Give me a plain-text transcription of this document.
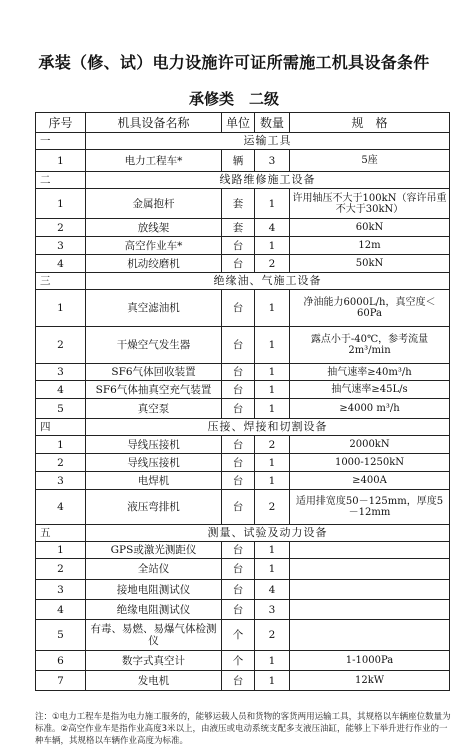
承装（修、试）电力设施许可证所需施工机具设备条件
承修类　二级
序号	机具设备名称	单位	数量	规　格
一	运输工具			
1	电力工程车*	辆	3	5座
二	线路维修施工设备			
1	金属抱杆	套	1	许用轴压不大于100kN（容许吊重不大于30kN）
2	放线架	套	4	60kN
3	高空作业车*	台	1	12m
4	机动绞磨机	台	2	50kN
三	绝缘油、气施工设备			
1	真空滤油机	台	1	净油能力6000L/h，真空度＜60Pa
2	干燥空气发生器	台	1	露点小于-40℃，参考流量2m³/min
3	SF6气体回收装置	台	1	抽气速率≥40m³/h
4	SF6气体抽真空充气装置	台	1	抽气速率≥45L/s
5	真空泵	台	1	≥4000 m³/h
四	压接、焊接和切割设备			
1	导线压接机	台	2	2000kN
2	导线压接机	台	1	1000-1250kN
3	电焊机	台	1	≥400A
4	液压弯排机	台	2	适用排宽度50－125mm，厚度5－12mm
五	测量、试验及动力设备			
1	GPS或激光测距仪	台	1	
2	全站仪	台	1	
3	接地电阻测试仪	台	4	
4	绝缘电阻测试仪	台	3	
5	有毒、易燃、易爆气体检测仪	个	2	
6	数字式真空计	个	1	1-1000Pa
7	发电机	台	1	12kW
注：①电力工程车是指为电力施工服务的，能够运载人员和货物的客货两用运输工具，其规格以车辆座位数量为标准。②高空作业车是指作业高度3米以上，由液压或电动系统支配多支液压油缸，能够上下举升进行作业的一种车辆，其规格以车辆作业高度为标准。
